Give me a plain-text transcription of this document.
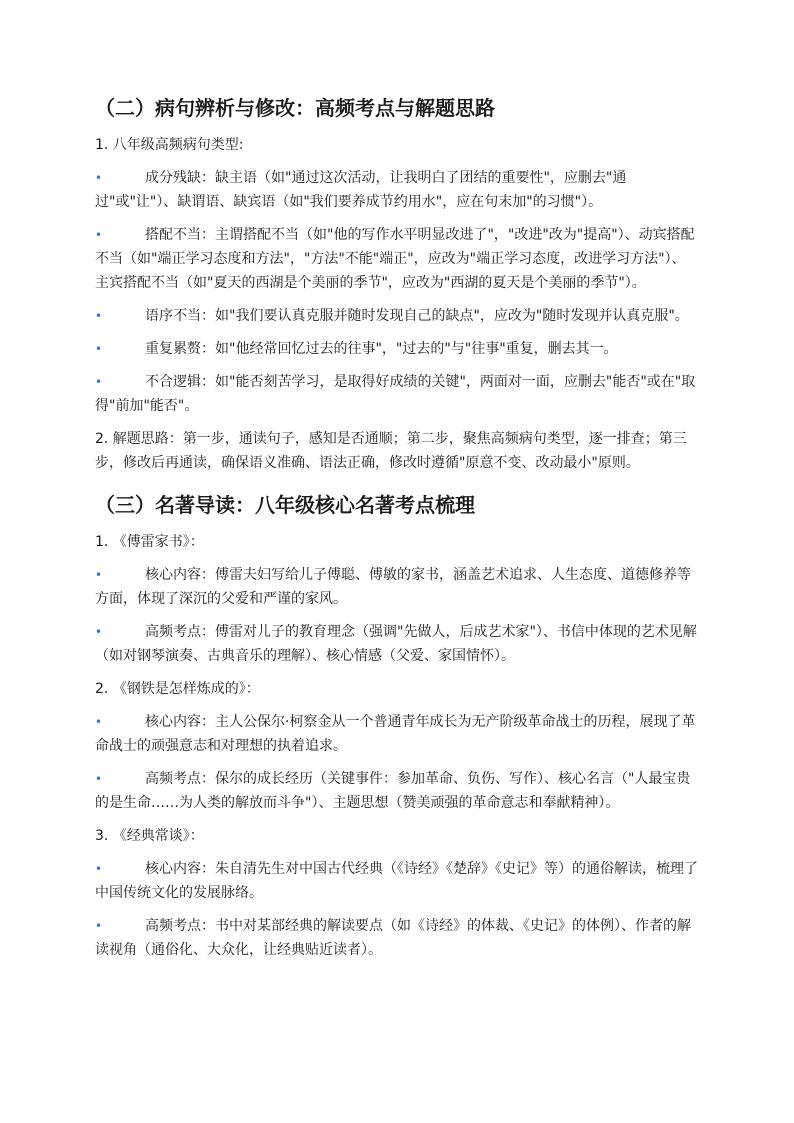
（二）病句辨析与修改：高频考点与解题思路

1. 八年级高频病句类型:

•	成分残缺：缺主语（如"通过这次活动，让我明白了团结的重要性"，应删去"通过"或"让"）、缺谓语、缺宾语（如"我们要养成节约用水"，应在句末加"的习惯"）。

•	搭配不当：主谓搭配不当（如"他的写作水平明显改进了"，"改进"改为"提高"）、动宾搭配不当（如"端正学习态度和方法"，"方法"不能"端正"，应改为"端正学习态度，改进学习方法"）、主宾搭配不当（如"夏天的西湖是个美丽的季节"，应改为"西湖的夏天是个美丽的季节"）。

•	语序不当：如"我们要认真克服并随时发现自己的缺点"，应改为"随时发现并认真克服"。

•	重复累赘：如"他经常回忆过去的往事"，"过去的"与"往事"重复，删去其一。

•	不合逻辑：如"能否刻苦学习，是取得好成绩的关键"，两面对一面，应删去"能否"或在"取得"前加"能否"。

2. 解题思路：第一步，通读句子，感知是否通顺；第二步，聚焦高频病句类型，逐一排查；第三步，修改后再通读，确保语义准确、语法正确，修改时遵循"原意不变、改动最小"原则。

（三）名著导读：八年级核心名著考点梳理

1. 《傅雷家书》：

•	核心内容：傅雷夫妇写给儿子傅聪、傅敏的家书，涵盖艺术追求、人生态度、道德修养等方面，体现了深沉的父爱和严谨的家风。

•	高频考点：傅雷对儿子的教育理念（强调"先做人，后成艺术家"）、书信中体现的艺术见解（如对钢琴演奏、古典音乐的理解）、核心情感（父爱、家国情怀）。

2. 《钢铁是怎样炼成的》：

•	核心内容：主人公保尔·柯察金从一个普通青年成长为无产阶级革命战士的历程，展现了革命战士的顽强意志和对理想的执着追求。

•	高频考点：保尔的成长经历（关键事件：参加革命、负伤、写作）、核心名言（"人最宝贵的是生命……为人类的解放而斗争"）、主题思想（赞美顽强的革命意志和奉献精神）。

3. 《经典常谈》：

•	核心内容：朱自清先生对中国古代经典（《诗经》《楚辞》《史记》等）的通俗解读，梳理了中国传统文化的发展脉络。

•	高频考点：书中对某部经典的解读要点（如《诗经》的体裁、《史记》的体例）、作者的解读视角（通俗化、大众化，让经典贴近读者）。
